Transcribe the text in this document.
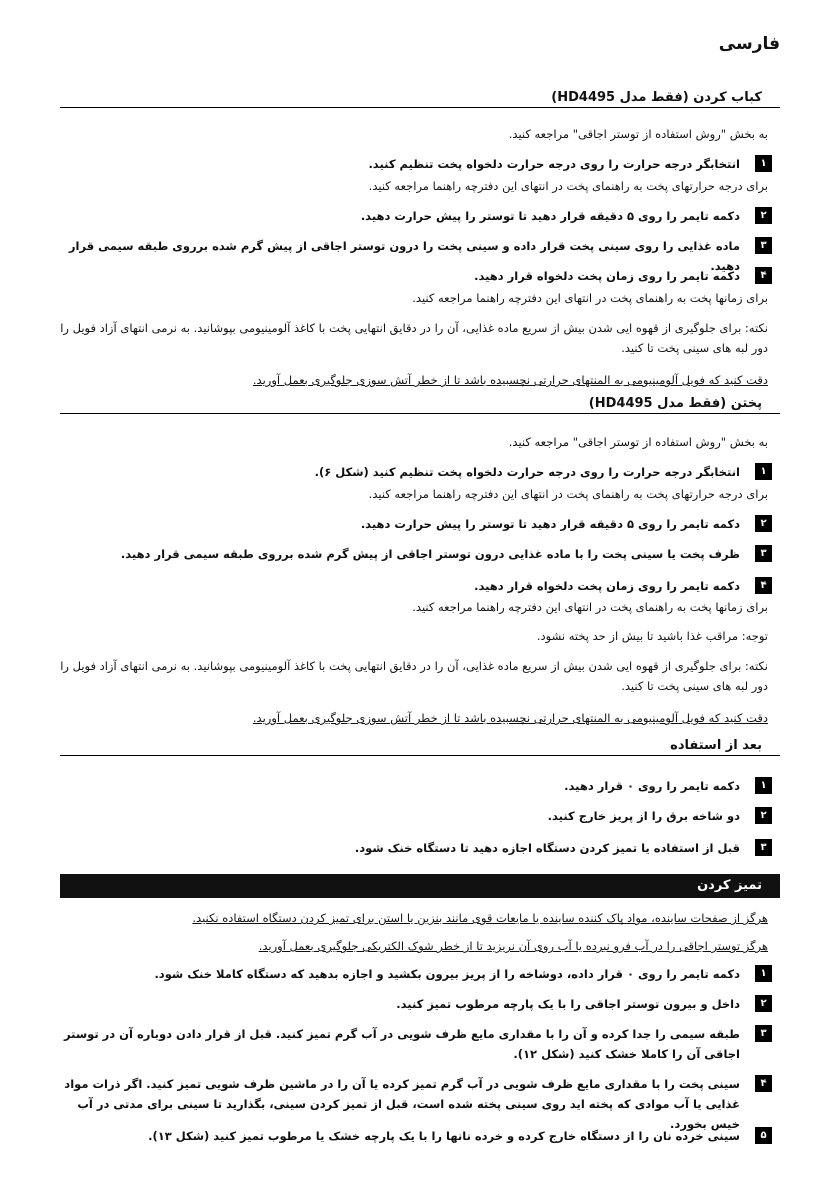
فارسی
کباب کردن (فقط مدل HD4495)
به بخش "روش استفاده از توستر اجاقی" مراجعه کنید.
۱
انتخابگر درجه حرارت را روی درجه حرارت دلخواه پخت تنظیم کنید.
برای درجه حرارتهای پخت به راهنمای پخت در انتهای این دفترچه راهنما مراجعه کنید.
۲
دکمه تایمر را روی ۵ دقیقه قرار دهید تا توستر را پیش حرارت دهید.
۳
ماده غذایی را روی سینی پخت قرار داده و سینی پخت را درون توستر اجاقی از پیش گرم شده برروی طبقه سیمی قرار دهید.
۴
دکمه تایمر را روی زمان پخت دلخواه قرار دهید.
برای زمانها پخت به راهنمای پخت در انتهای این دفترچه راهنما مراجعه کنید.
نکته: برای جلوگیری از قهوه ایی شدن بیش از سریع ماده غذایی، آن را در دقایق انتهایی پخت با کاغذ آلومینیومی بپوشانید. به نرمی انتهای آزاد فویل را دور لبه های سینی پخت تا کنید.
دقت کنید که فویل آلومینیومی به المنتهای حرارتی نچسبیده باشد تا از خطر آتش سوزی جلوگیری بعمل آورید.
پختن (فقط مدل HD4495)
به بخش "روش استفاده از توستر اجاقی" مراجعه کنید.
۱
انتخابگر درجه حرارت را روی درجه حرارت دلخواه پخت تنظیم کنید (شکل ۶).
برای درجه حرارتهای پخت به راهنمای پخت در انتهای این دفترچه راهنما مراجعه کنید.
۲
دکمه تایمر را روی ۵ دقیقه قرار دهید تا توستر را پیش حرارت دهید.
۳
ظرف پخت یا سینی پخت را با ماده غذایی درون توستر اجاقی از پیش گرم شده برروی طبقه سیمی قرار دهید.
۴
دکمه تایمر را روی زمان پخت دلخواه قرار دهید.
برای زمانها پخت به راهنمای پخت در انتهای این دفترچه راهنما مراجعه کنید.
توجه: مراقب غذا باشید تا بیش از حد پخته نشود.
نکته: برای جلوگیری از قهوه ایی شدن بیش از سریع ماده غذایی، آن را در دقایق انتهایی پخت با کاغذ آلومینیومی بپوشانید. به نرمی انتهای آزاد فویل را دور لبه های سینی پخت تا کنید.
دقت کنید که فویل آلومینیومی به المنتهای حرارتی نچسبیده باشد تا از خطر آتش سوزی جلوگیری بعمل آورید.
بعد از استفاده
۱
دکمه تایمر را روی ۰ قرار دهید.
۲
دو شاخه برق را از پریز خارج کنید.
۳
قبل از استفاده یا تمیز کردن دستگاه اجازه دهید تا دستگاه خنک شود.
تمیز کردن
هرگز از صفحات ساینده، مواد پاک کننده ساینده یا مایعات قوی مانند بنزین یا استن برای تمیز کردن دستگاه استفاده نکنید.
هرگز توستر اجاقی را در آب فرو نبرده یا آب روی آن نریزید تا از خطر شوک الکتریکی جلوگیری بعمل آورید.
۱
دکمه تایمر را روی ۰ قرار داده، دوشاخه را از پریز بیرون بکشید و اجازه بدهید که دستگاه کاملا خنک شود.
۲
داخل و بیرون توستر اجاقی را با یک پارچه مرطوب تمیز کنید.
۳
طبقه سیمی را جدا کرده و آن را با مقداری مایع ظرف شویی در آب گرم تمیز کنید. قبل از قرار دادن دوباره آن در توستر اجاقی آن را کاملا خشک کنید (شکل ۱۲).
۴
سینی پخت را با مقداری مایع ظرف شویی در آب گرم تمیز کرده یا آن را در ماشین ظرف شویی تمیز کنید. اگر ذرات مواد غذایی یا آب موادی که پخته اید روی سینی پخته شده است، قبل از تمیز کردن سینی، بگذارید تا سینی برای مدتی در آب خیس بخورد.
۵
سینی خرده نان را از دستگاه خارج کرده و خرده نانها را با یک پارچه خشک یا مرطوب تمیز کنید (شکل ۱۳).
